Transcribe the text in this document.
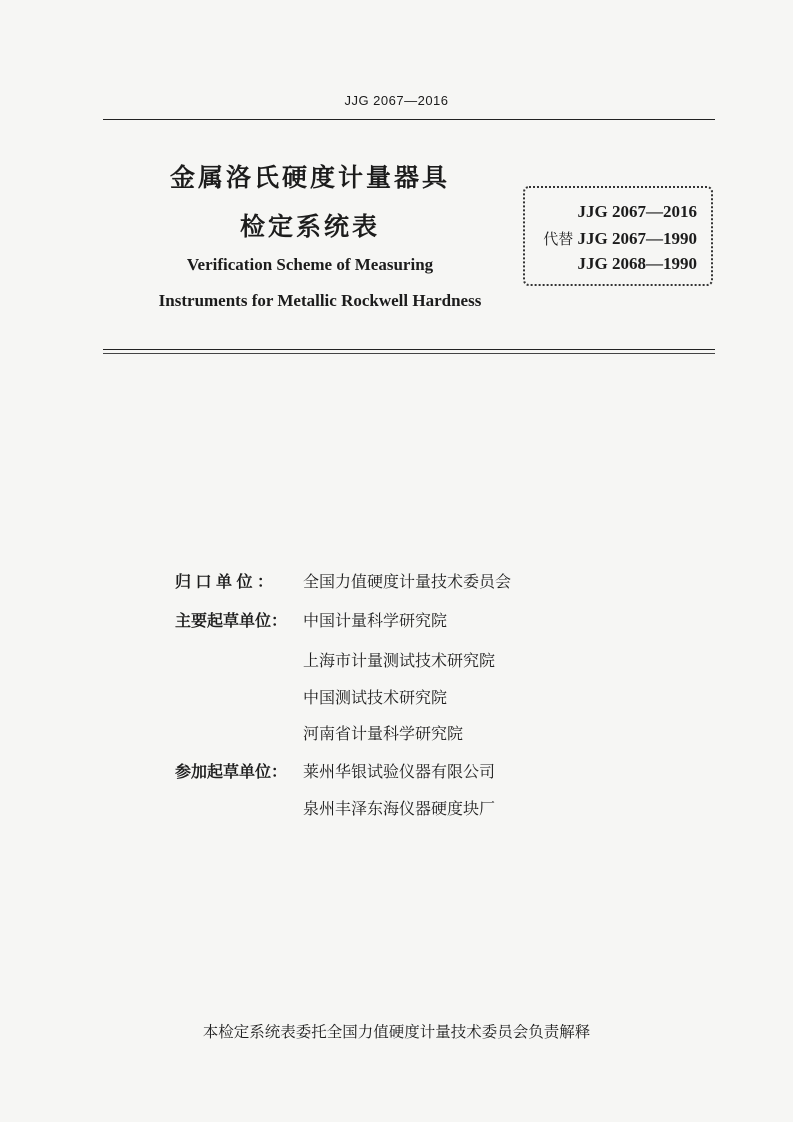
JJG 2067—2016
金属洛氏硬度计量器具
检定系统表
Verification Scheme of Measuring
Instruments for Metallic Rockwell Hardness
JJG 2067—2016
代替 JJG 2067—1990
JJG 2068—1990
归口单位： 全国力值硬度计量技术委员会
主要起草单位： 中国计量科学研究院
上海市计量测试技术研究院
中国测试技术研究院
河南省计量科学研究院
参加起草单位： 莱州华银试验仪器有限公司
泉州丰泽东海仪器硬度块厂
本检定系统表委托全国力值硬度计量技术委员会负责解释
